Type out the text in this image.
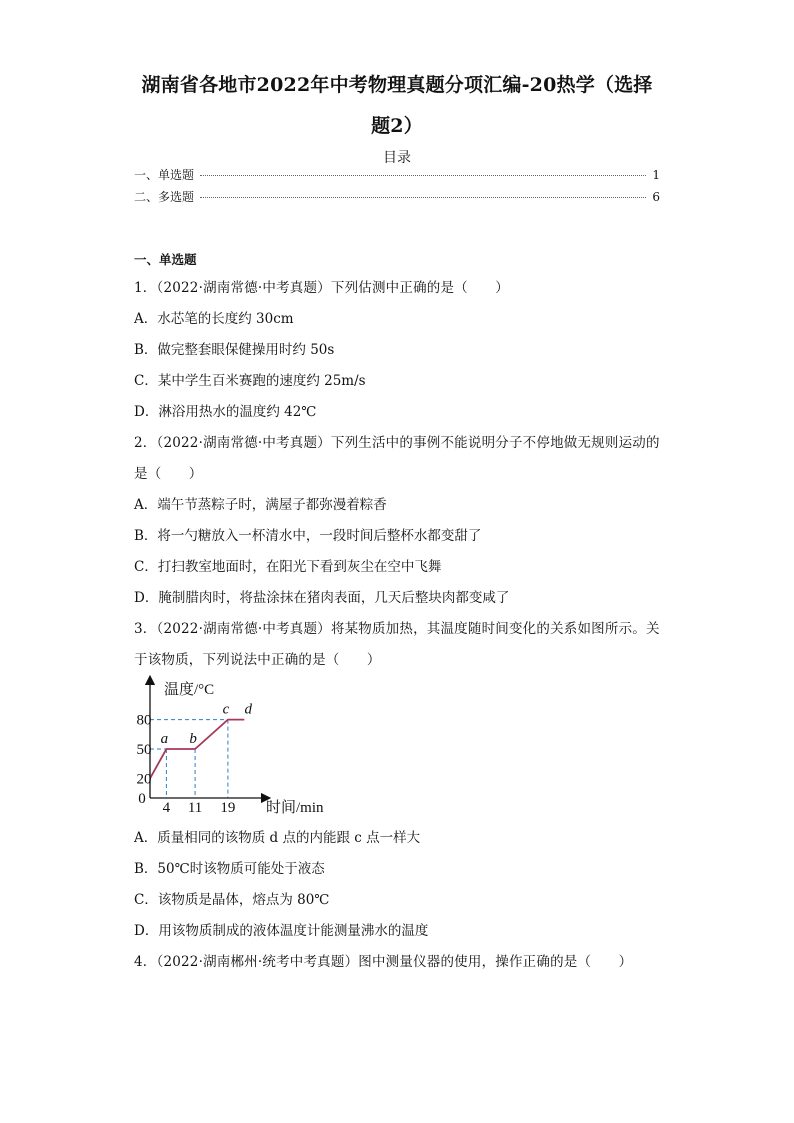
湖南省各地市2022年中考物理真题分项汇编-20热学（选择
题2）
目录
一、单选题	1
二、多选题	6
一、单选题
1．（2022·湖南常德·中考真题）下列估测中正确的是（　　）
A．水芯笔的长度约 30cm
B．做完整套眼保健操用时约 50s
C．某中学生百米赛跑的速度约 25m/s
D．淋浴用热水的温度约 42℃
2．（2022·湖南常德·中考真题）下列生活中的事例不能说明分子不停地做无规则运动的
是（　　）
A．端午节蒸粽子时，满屋子都弥漫着粽香
B．将一勺糖放入一杯清水中，一段时间后整杯水都变甜了
C．打扫教室地面时，在阳光下看到灰尘在空中飞舞
D．腌制腊肉时，将盐涂抹在猪肉表面，几天后整块肉都变咸了
3．（2022·湖南常德·中考真题）将某物质加热，其温度随时间变化的关系如图所示。关
于该物质，下列说法中正确的是（　　）
4 11 19
20
50
80
a b
c d
温度/°C
时间/min
0
A．质量相同的该物质 d 点的内能跟 c 点一样大
B．50℃时该物质可能处于液态
C．该物质是晶体，熔点为 80℃
D．用该物质制成的液体温度计能测量沸水的温度
4．（2022·湖南郴州·统考中考真题）图中测量仪器的使用，操作正确的是（　　）
